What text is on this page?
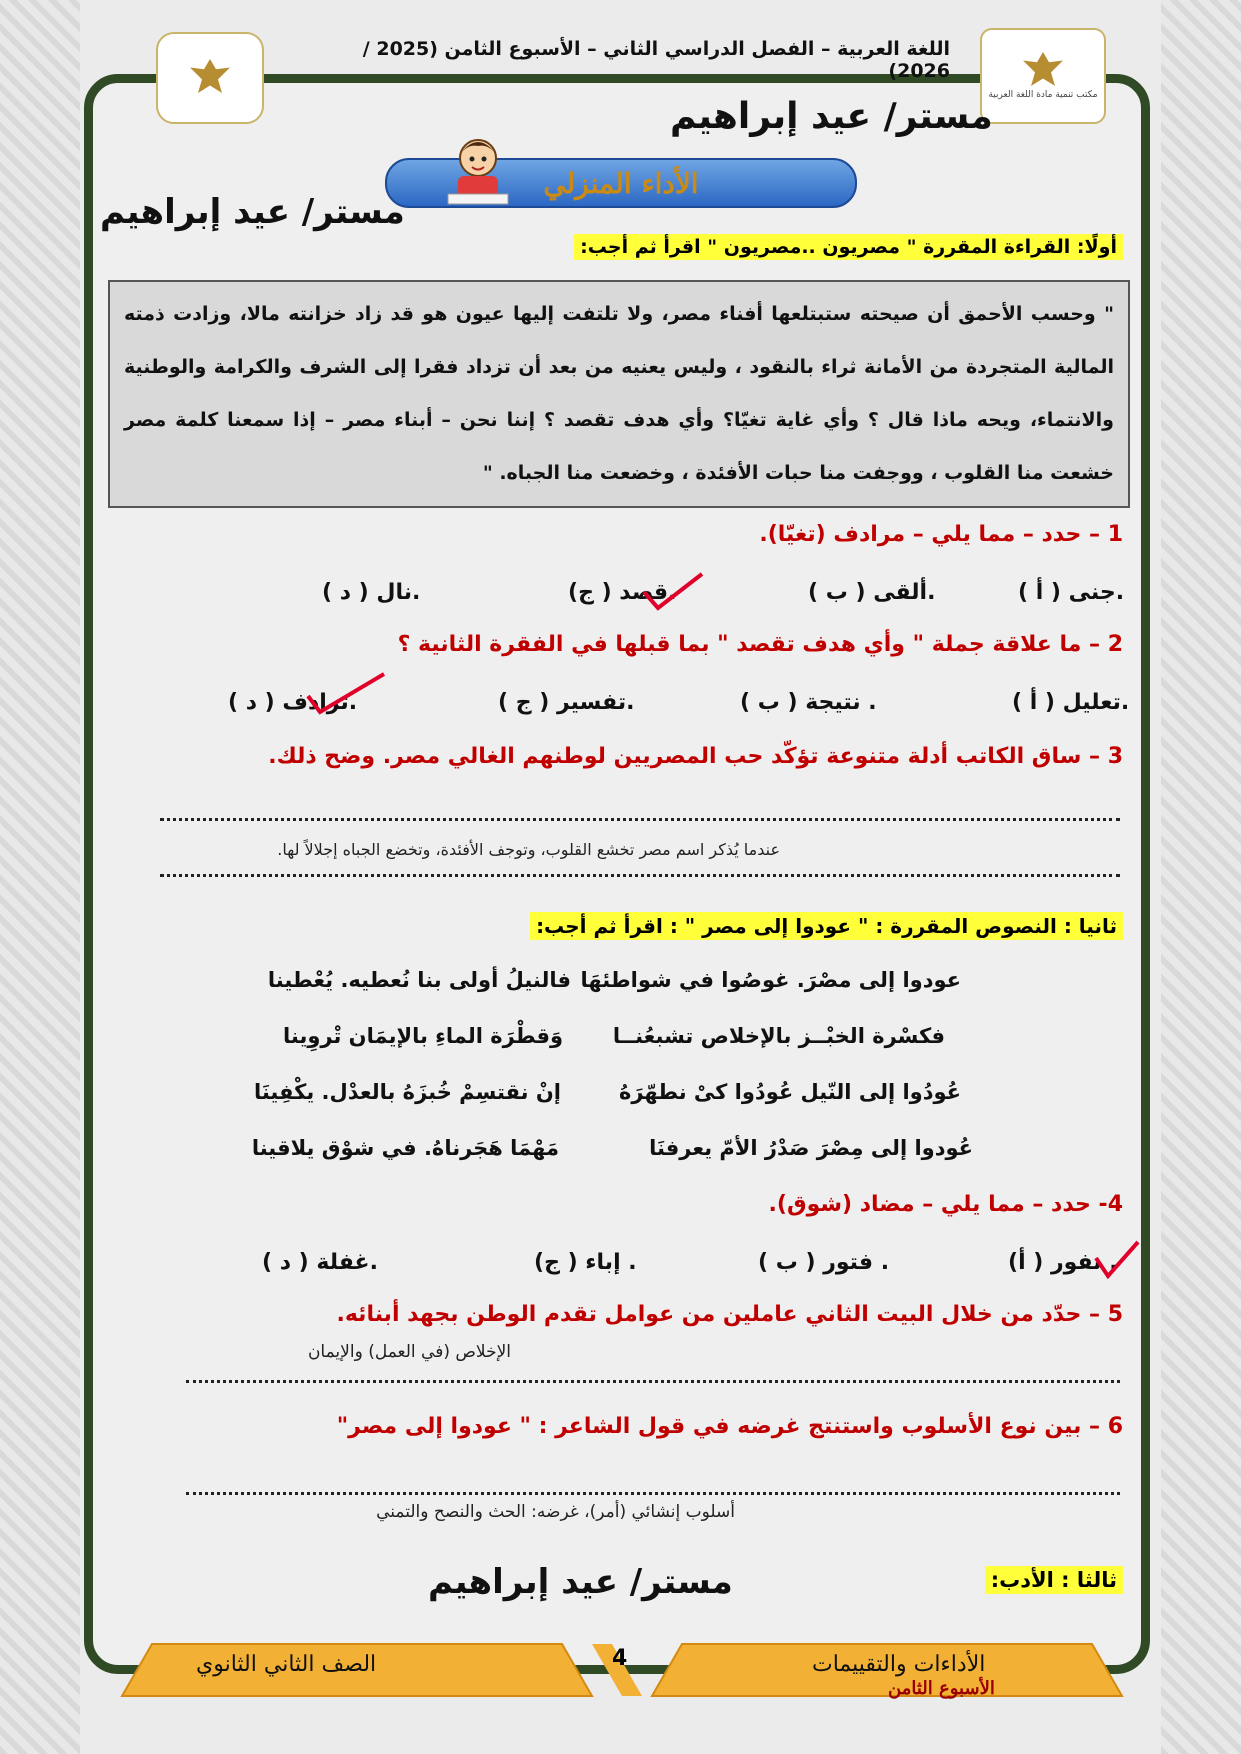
اللغة العربية – الفصل الدراسي الثاني – الأسبوع الثامن (2025 / 2026)
مكتب تنمية مادة اللغة العربية
مستر/ عيد إبراهيم
الأداء المنزلي
مستر/ عيد إبراهيم
أولًا: القراءة المقررة " مصريون ..مصريون " اقرأ ثم أجب:
" وحسب الأحمق أن صيحته ستبتلعها أفناء مصر، ولا تلتفت إليها عيون هو قد زاد خزانته مالا، وزادت ذمته المالية المتجردة من الأمانة ثراء بالنقود ، وليس يعنيه من بعد أن تزداد فقرا إلى الشرف والكرامة والوطنية والانتماء، ويحه ماذا قال ؟ وأي غاية تغيّا؟ وأي هدف تقصد ؟ إننا نحن – أبناء مصر – إذا سمعنا كلمة مصر خشعت منا القلوب ، ووجفت منا حبات الأفئدة ، وخضعت منا الجباه. "
1 – حدد – مما يلي – مرادف (تغيّا).
( أ ) جنى.
( ب ) ألقى.
(ج ) قصد.
( د ) نال.
2 – ما علاقة جملة " وأي هدف تقصد " بما قبلها في الفقرة الثانية ؟
( أ ) تعليل.
( ب ) نتيجة .
( ج ) تفسير.
( د ) ترادف.
3 – ساق الكاتب أدلة متنوعة تؤكّد حب المصريين لوطنهم الغالي مصر. وضح ذلك.
عندما يُذكر اسم مصر تخشع القلوب، وتوجف الأفئدة، وتخضع الجباه إجلالاً لها.
ثانيا : النصوص المقررة : " عودوا إلى مصر " : اقرأ ثم أجب:
عودوا إلى مصْرَ. غوصُوا في شواطئهَا
فالنيلُ أولى بنا نُعطيه. يُعْطينا
فكسْرة الخبْــز بالإخلاص تشبعُنــا
وَقطْرَة الماءِ بالإيمَان تْروِينا
عُودُوا إلى النّيل عُودُوا كىْ نطهّرَهُ
إنْ نقتسِمْ خُبزَهُ بالعدْل. يكْفِينَا
عُودوا إلى مِصْرَ صَدْرُ الأمّ يعرفنَا
مَهْمَا هَجَرناهُ. في شوْق يلاقينا
4- حدد – مما يلي – مضاد (شوق).
(أ ) نفور .
( ب ) فتور .
(ج ) إباء .
( د ) غفلة.
5 – حدّد من خلال البيت الثاني عاملين من عوامل تقدم الوطن بجهد أبنائه.
الإخلاص (في العمل) والإيمان
6 – بين نوع الأسلوب واستنتج غرضه في قول الشاعر : " عودوا إلى مصر"
أسلوب إنشائي (أمر)، غرضه: الحث والنصح والتمني
ثالثا : الأدب:
مستر/ عيد إبراهيم
4
الصف الثاني الثانوي	الأداءات والتقييمات
الأسبوع الثامن
